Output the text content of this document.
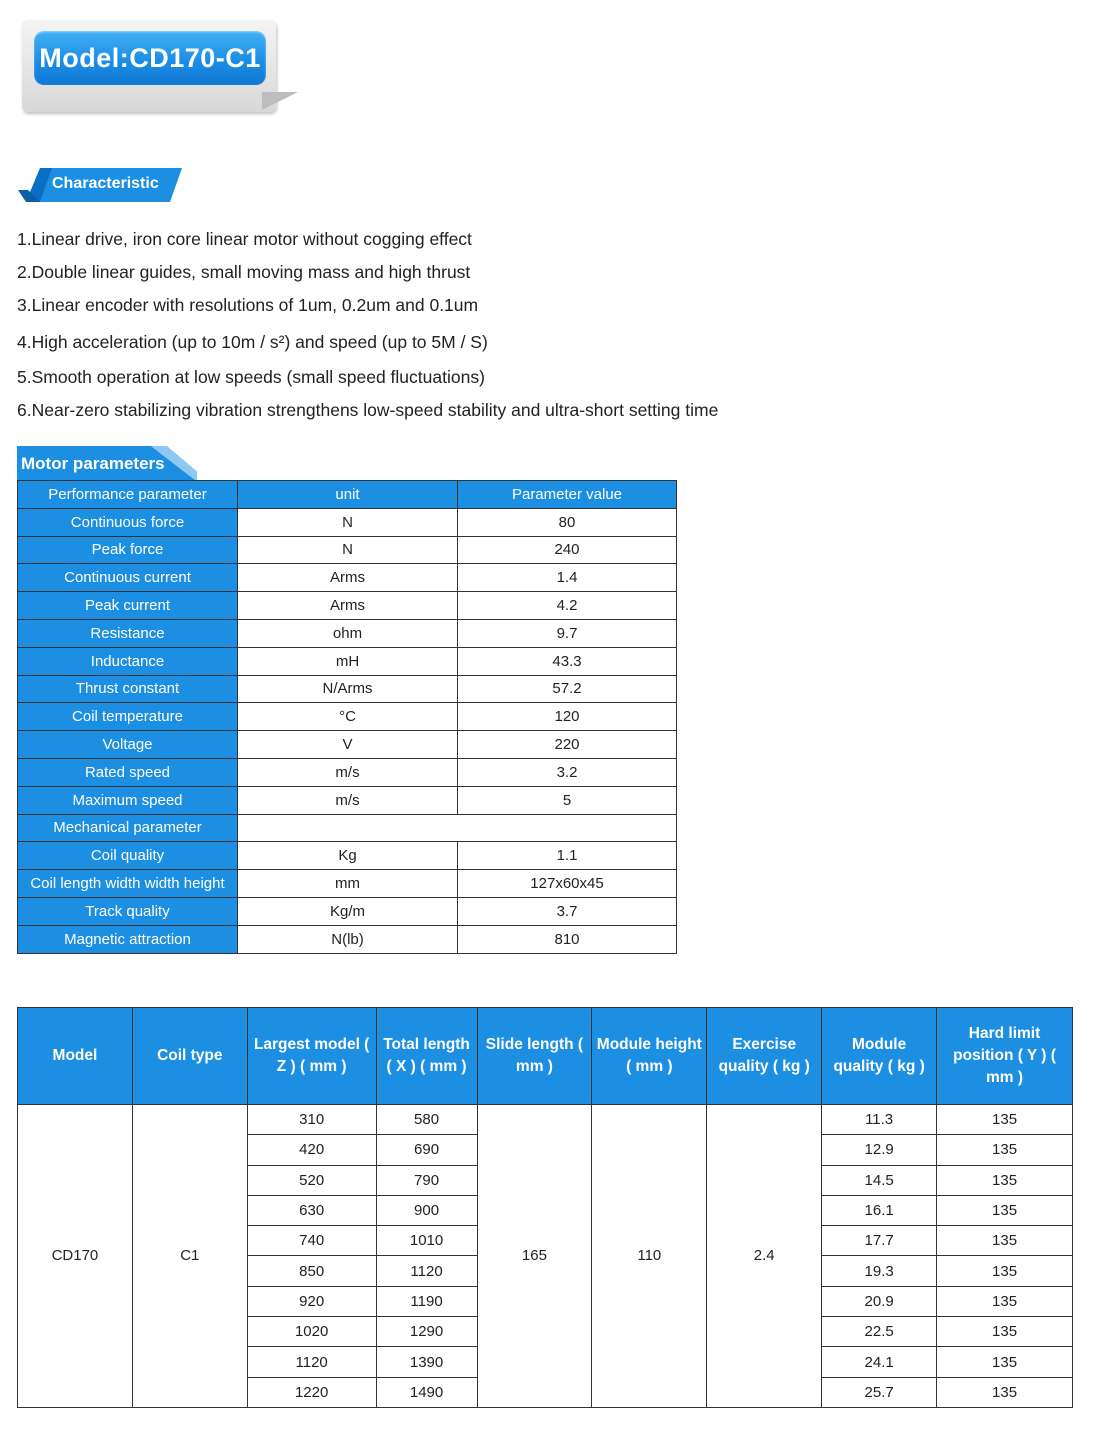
Model:CD170-C1
Characteristic
1.Linear drive, iron core linear motor without cogging effect
2.Double linear guides, small moving mass and high thrust
3.Linear encoder with resolutions of 1um, 0.2um and 0.1um
4.High acceleration (up to 10m / s²) and speed (up to 5M / S)
5.Smooth operation at low speeds (small speed fluctuations)
6.Near-zero stabilizing vibration strengthens low-speed stability and ultra-short setting time
Motor parameters
Performance parameter	unit	Parameter value
Continuous force	N	80
Peak force	N	240
Continuous current	Arms	1.4
Peak current	Arms	4.2
Resistance	ohm	9.7
Inductance	mH	43.3
Thrust constant	N/Arms	57.2
Coil temperature	°C	120
Voltage	V	220
Rated speed	m/s	3.2
Maximum speed	m/s	5
Mechanical parameter		
Coil quality	Kg	1.1
Coil length width width height	mm	127x60x45
Track quality	Kg/m	3.7
Magnetic attraction	N(lb)	810
Model	Coil type	Largest model ( Z ) ( mm )	Total length ( X ) ( mm )	Slide length ( mm )	Module height ( mm )	Exercise quality ( kg )	Module quality ( kg )	Hard limit position ( Y ) ( mm )
CD170	C1	310	580	165	110	2.4	11.3	135
		420	690				12.9	135
		520	790				14.5	135
		630	900				16.1	135
		740	1010				17.7	135
		850	1120				19.3	135
		920	1190				20.9	135
		1020	1290				22.5	135
		1120	1390				24.1	135
		1220	1490				25.7	135
